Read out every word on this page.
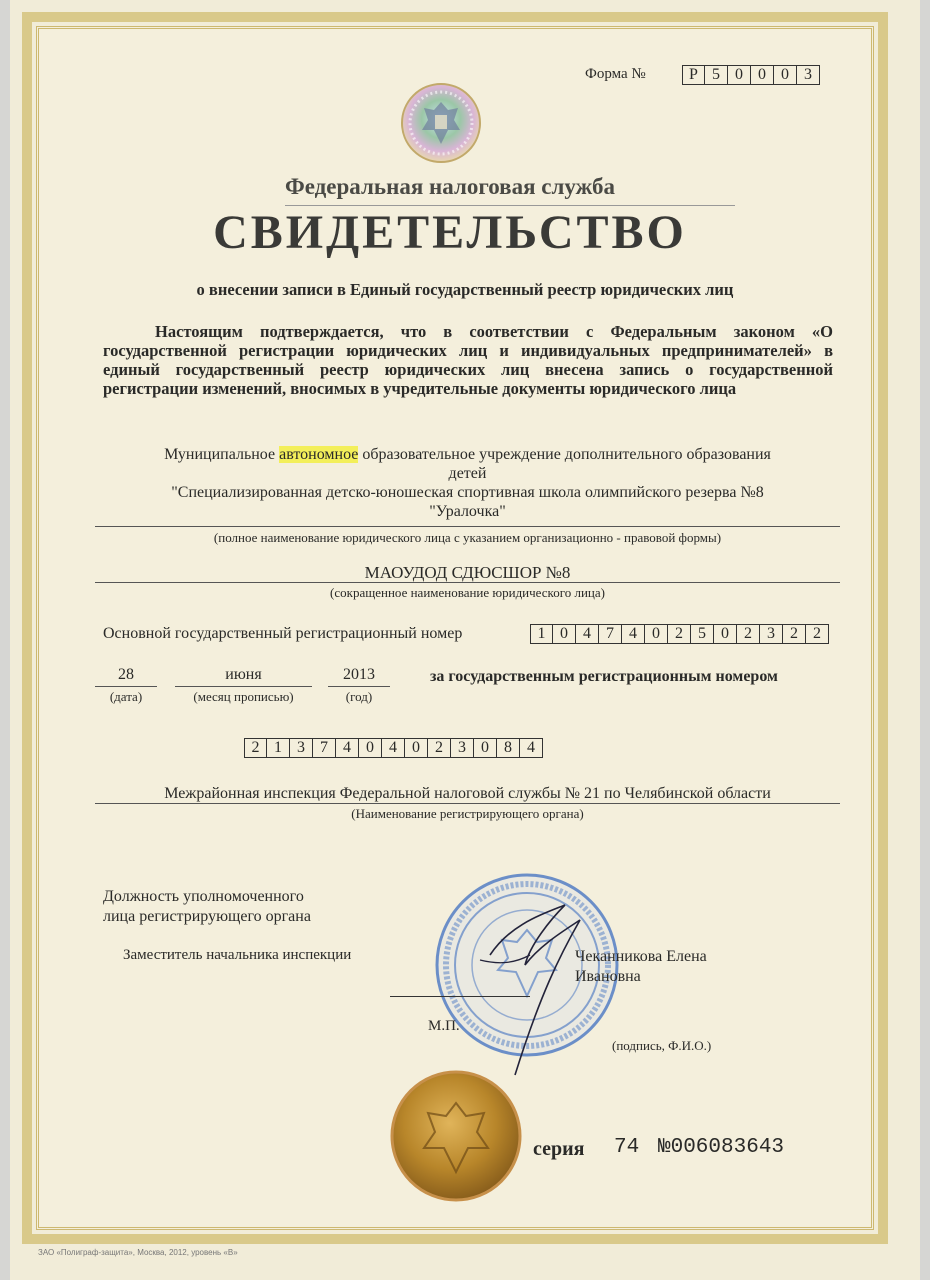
Форма №	Р 5 0 0 0 3
Федеральная налоговая служба
СВИДЕТЕЛЬСТВО
о внесении записи в Единый государственный реестр юридических лиц
Настоящим подтверждается, что в соответствии с Федеральным законом «О государственной регистрации юридических лиц и индивидуальных предпринимателей» в единый государственный реестр юридических лиц внесена запись о государственной регистрации изменений, вносимых в учредительные документы юридического лица
Муниципальное автономное образовательное учреждение дополнительного образования
детей
"Специализированная детско-юношеская спортивная школа олимпийского резерва №8
"Уралочка"
(полное наименование юридического лица с указанием организационно - правовой формы)
МАОУДОД СДЮСШОР №8
(сокращенное наименование юридического лица)
Основной государственный регистрационный номер	1 0 4 7 4 0 2 5 0 2 3 2 2
28
(дата)
июня
(месяц прописью)
2013
(год)
за государственным регистрационным номером
2 1 3 7 4 0 4 0 2 3 0 8 4
Межрайонная инспекция Федеральной налоговой службы № 21 по Челябинской области
(Наименование регистрирующего органа)
Должность уполномоченного
лица регистрирующего органа
Заместитель начальника инспекции	Чеканникова Елена
Ивановна
М.П.
(подпись, Ф.И.О.)
серия 74 №006083643
ЗАО «Полиграф-защита», Москва, 2012, уровень «В»
